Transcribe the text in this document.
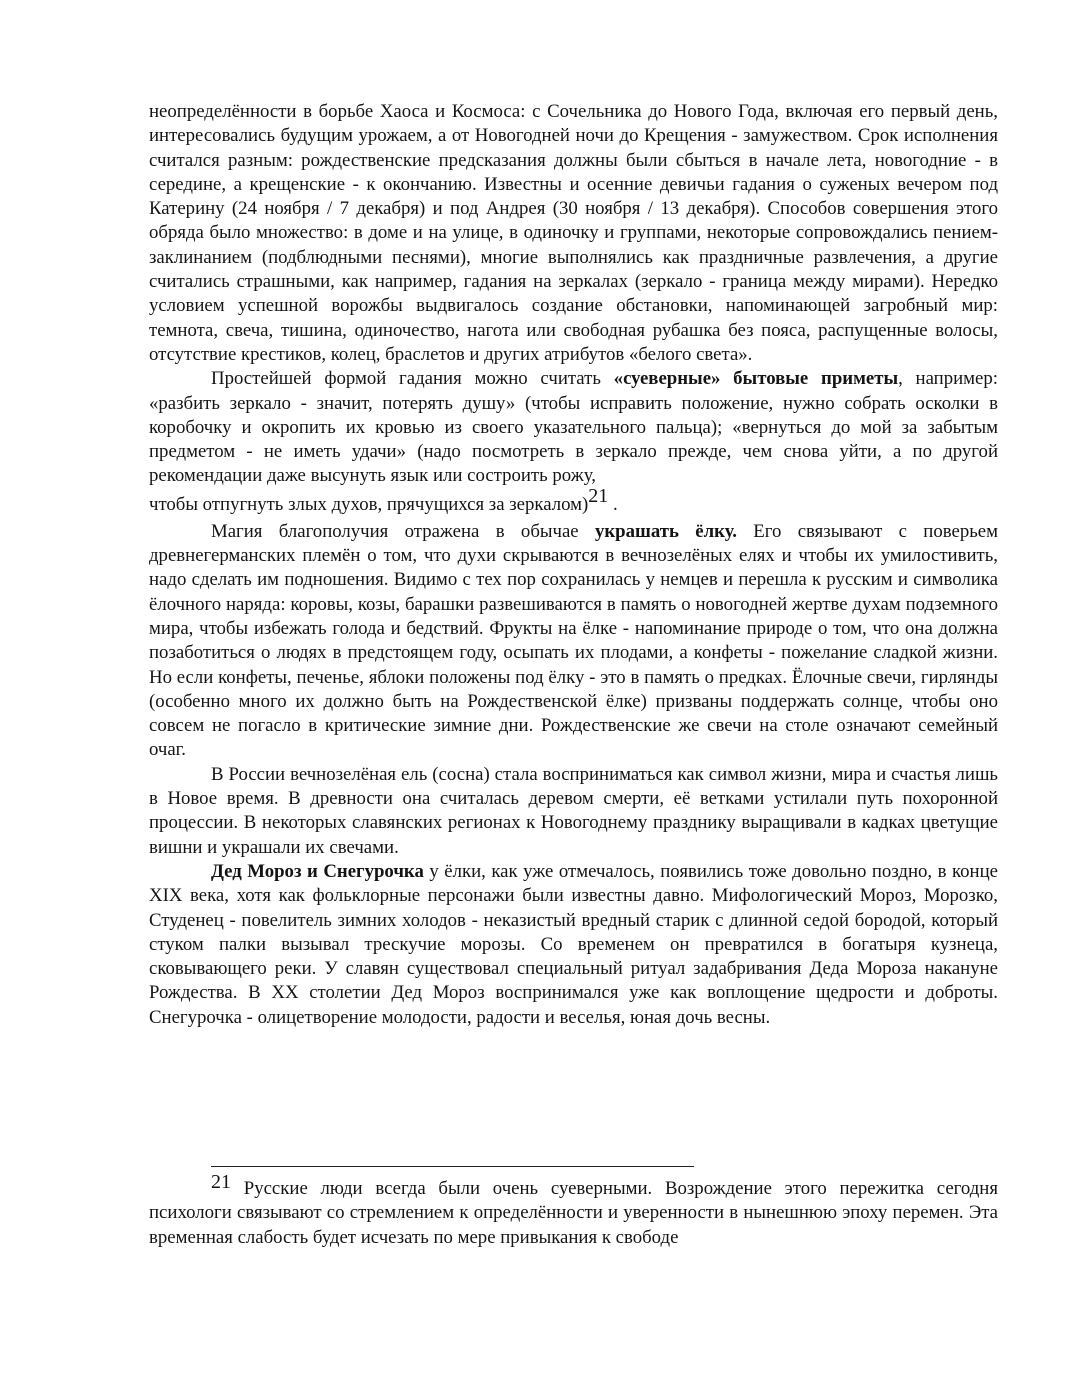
неопределённости в борьбе Хаоса и Космоса: с Сочельника до Нового Года, включая его первый день, интересовались будущим урожаем, а от Новогодней ночи до Крещения - замужеством. Срок исполнения считался разным: рождественские предсказания должны были сбыться в начале лета, новогодние - в середине, а крещенские - к окончанию. Известны и осенние девичьи гадания о суженых вечером под Катерину (24 ноября / 7 декабря) и под Андрея (30 ноября / 13 декабря). Способов совершения этого обряда было множество: в доме и на улице, в одиночку и группами, некоторые сопровождались пением-заклинанием (подблюдными песнями), многие выполнялись как праздничные развлечения, а другие считались страшными, как например, гадания на зеркалах (зеркало - граница между мирами). Нередко условием успешной ворожбы выдвигалось создание обстановки, напоминающей загробный мир: темнота, свеча, тишина, одиночество, нагота или свободная рубашка без пояса, распущенные волосы, отсутствие крестиков, колец, браслетов и других атрибутов «белого света».

Простейшей формой гадания можно считать «суеверные» бытовые приметы, например: «разбить зеркало - значит, потерять душу» (чтобы исправить положение, нужно собрать осколки в коробочку и окропить их кровью из своего указательного пальца); «вернуться до мой за забытым предметом - не иметь удачи» (надо посмотреть в зеркало прежде, чем снова уйти, а по другой рекомендации даже высунуть язык или состроить рожу,

чтобы отпугнуть злых духов, прячущихся за зеркалом)21 .

Магия благополучия отражена в обычае украшать ёлку. Его связывают с поверьем древнегерманских племён о том, что духи скрываются в вечнозелёных елях и чтобы их умилостивить, надо сделать им подношения. Видимо с тех пор сохранилась у немцев и перешла к русским и символика ёлочного наряда: коровы, козы, барашки развешиваются в память о новогодней жертве духам подземного мира, чтобы избежать голода и бедствий. Фрукты на ёлке - напоминание природе о том, что она должна позаботиться о людях в предстоящем году, осыпать их плодами, а конфеты - пожелание сладкой жизни. Но если конфеты, печенье, яблоки положены под ёлку - это в память о предках. Ёлочные свечи, гирлянды (особенно много их должно быть на Рождественской ёлке) призваны поддержать солнце, чтобы оно совсем не погасло в критические зимние дни. Рождественские же свечи на столе означают семейный очаг.

В России вечнозелёная ель (сосна) стала восприниматься как символ жизни, мира и счастья лишь в Новое время. В древности она считалась деревом смерти, её ветками устилали путь похоронной процессии. В некоторых славянских регионах к Новогоднему празднику выращивали в кадках цветущие вишни и украшали их свечами.

Дед Мороз и Снегурочка у ёлки, как уже отмечалось, появились тоже довольно поздно, в конце XIX века, хотя как фольклорные персонажи были известны давно. Мифологический Мороз, Морозко, Студенец - повелитель зимних холодов - неказистый вредный старик с длинной седой бородой, который стуком палки вызывал трескучие морозы. Со временем он превратился в богатыря кузнеца, сковывающего реки. У славян существовал специальный ритуал задабривания Деда Мороза накануне Рождества. В XX столетии Дед Мороз воспринимался уже как воплощение щедрости и доброты. Снегурочка - олицетворение молодости, радости и веселья, юная дочь весны.

21 Русские люди всегда были очень суеверными. Возрождение этого пережитка сегодня психологи связывают со стремлением к определённости и уверенности в нынешнюю эпоху перемен. Эта временная слабость будет исчезать по мере привыкания к свободе
